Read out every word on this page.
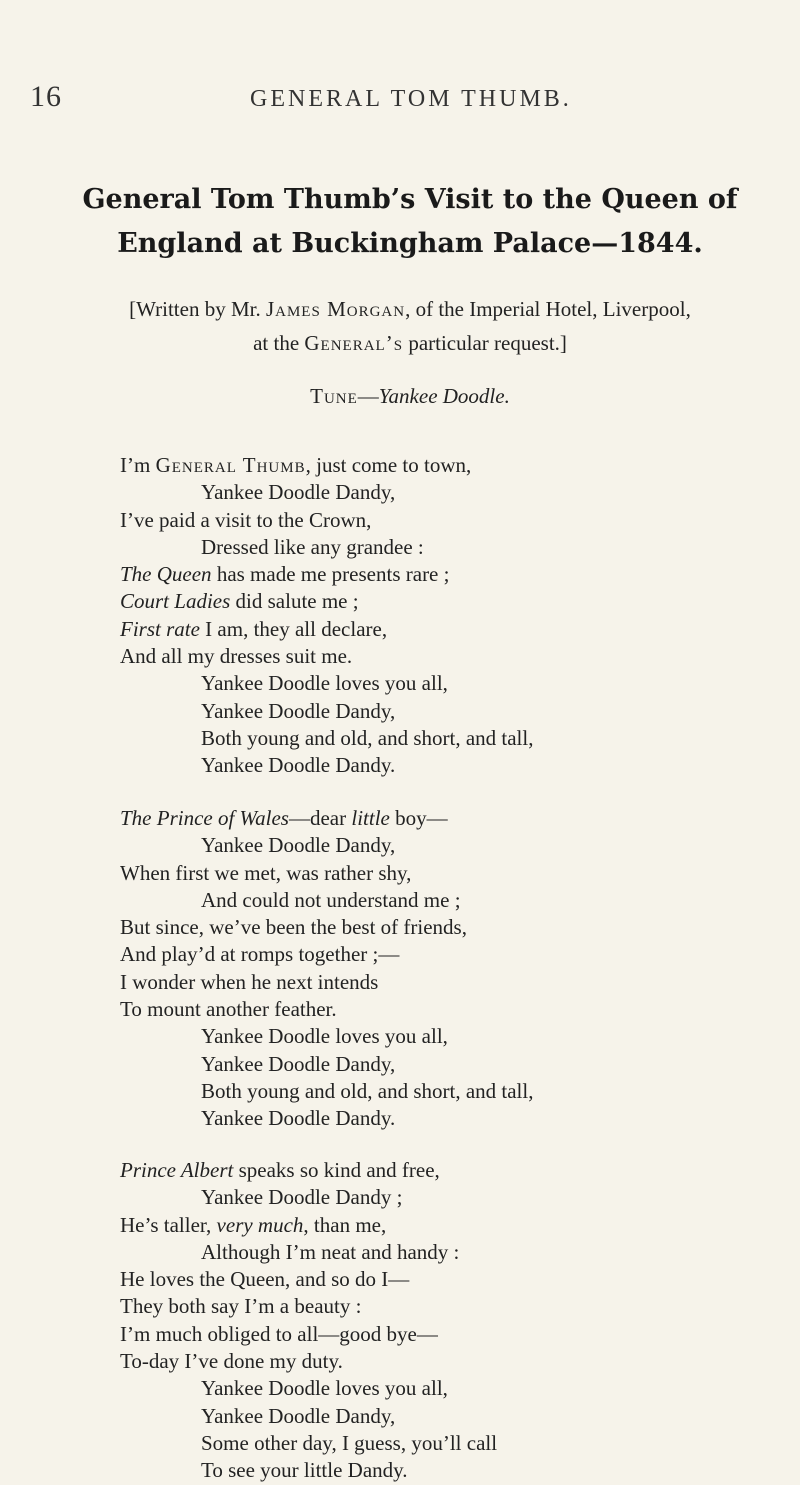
16	GENERAL TOM THUMB.
General Tom Thumb’s Visit to the Queen of
England at Buckingham Palace—1844.
[Written by Mr. James Morgan, of the Imperial Hotel, Liverpool,
at the General’s particular request.]
Tune—Yankee Doodle.
I’m General Thumb, just come to town,
Yankee Doodle Dandy,
I’ve paid a visit to the Crown,
Dressed like any grandee :
The Queen has made me presents rare ;
Court Ladies did salute me ;
First rate I am, they all declare,
And all my dresses suit me.
Yankee Doodle loves you all,
Yankee Doodle Dandy,
Both young and old, and short, and tall,
Yankee Doodle Dandy.
The Prince of Wales—dear little boy—
Yankee Doodle Dandy,
When first we met, was rather shy,
And could not understand me ;
But since, we’ve been the best of friends,
And play’d at romps together ;—
I wonder when he next intends
To mount another feather.
Yankee Doodle loves you all,
Yankee Doodle Dandy,
Both young and old, and short, and tall,
Yankee Doodle Dandy.
Prince Albert speaks so kind and free,
Yankee Doodle Dandy ;
He’s taller, very much, than me,
Although I’m neat and handy :
He loves the Queen, and so do I—
They both say I’m a beauty :
I’m much obliged to all—good bye—
To-day I’ve done my duty.
Yankee Doodle loves you all,
Yankee Doodle Dandy,
Some other day, I guess, you’ll call
To see your little Dandy.
